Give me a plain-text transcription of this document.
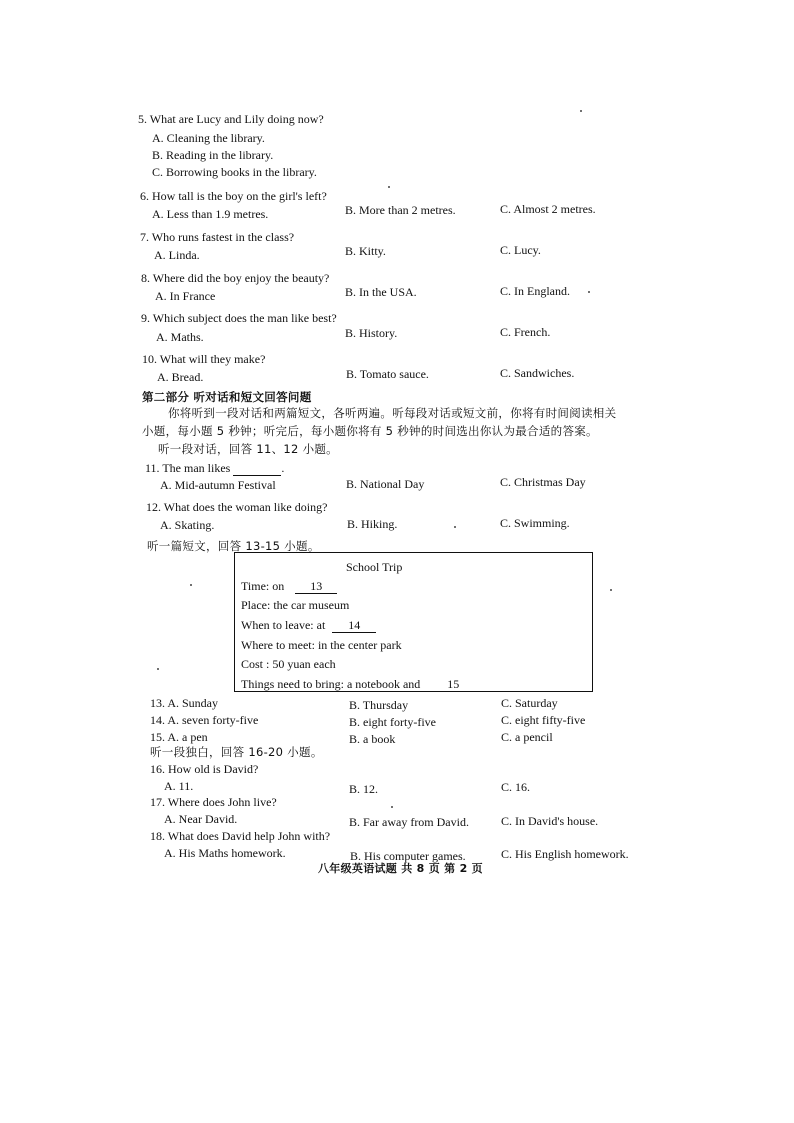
5. What are Lucy and Lily doing now?
A. Cleaning the library.
B. Reading in the library.
C. Borrowing books in the library.
6. How tall is the boy on the girl's left?
A. Less than 1.9 metres.	B. More than 2 metres.	C. Almost 2 metres.
7. Who runs fastest in the class?
A. Linda.	B. Kitty.	C. Lucy.
8. Where did the boy enjoy the beauty?
A. In France	B. In the USA.	C. In England.
9. Which subject does the man like best?
A. Maths.	B. History.	C. French.
10. What will they make?
A. Bread.	B. Tomato sauce.	C. Sandwiches.
第二部分 听对话和短文回答问题
你将听到一段对话和两篇短文，各听两遍。听每段对话或短文前，你将有时间阅读相关
小题，每小题 5 秒钟；听完后，每小题你将有 5 秒钟的时间选出你认为最合适的答案。
听一段对话，回答 11、12 小题。
11. The man likes	.
A. Mid-autumn Festival	B. National Day	C. Christmas Day
12. What does the woman like doing?
A. Skating.	B. Hiking.	C. Swimming.
听一篇短文，回答 13-15 小题。
School Trip
Time: on 13
Place: the car museum
When to leave: at 14
Where to meet: in the center park
Cost : 50 yuan each
Things need to bring: a notebook and 15
13. A. Sunday	B. Thursday	C. Saturday
14. A. seven forty-five	B. eight forty-five	C. eight fifty-five
15. A. a pen	B. a book	C. a pencil
听一段独白，回答 16-20 小题。
16. How old is David?
A. 11.	B. 12.	C. 16.
17. Where does John live?
A. Near David.	B. Far away from David.	C. In David's house.
18. What does David help John with?
A. His Maths homework.	B. His computer games.	C. His English homework.
八年级英语试题 共 8 页 第 2 页
